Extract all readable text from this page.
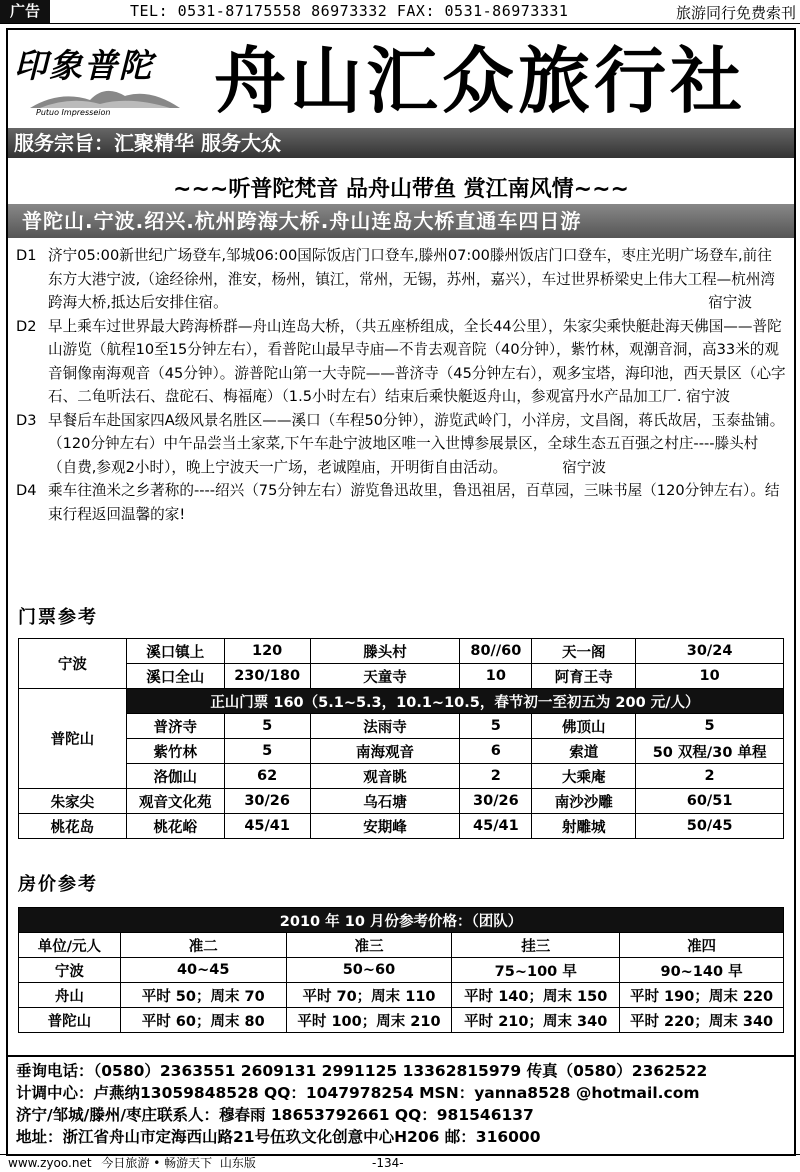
广告	TEL: 0531-87175558 86973332 FAX: 0531-86973331	旅游同行免费索刊
印象普陀
Putuo Impresseion 舟山汇众旅行社
服务宗旨：汇聚精华 服务大众
~~~听普陀梵音 品舟山带鱼 赏江南风情~~~
普陀山.宁波.绍兴.杭州跨海大桥.舟山连岛大桥直通车四日游
D1 济宁05:00新世纪广场登车,邹城06:00国际饭店门口登车,滕州07:00滕州饭店门口登车，枣庄光明广场登车,前往东方大港宁波,（途经徐州，淮安，杨州，镇江，常州，无锡，苏州，嘉兴），车过世界桥梁史上伟大工程—杭州湾跨海大桥,抵达后安排住宿。	宿宁波
D2 早上乘车过世界最大跨海桥群—舟山连岛大桥，（共五座桥组成，全长44公里），朱家尖乘快艇赴海天佛国——普陀山游览（航程10至15分钟左右），看普陀山最早寺庙—不肯去观音院（40分钟），紫竹林，观潮音洞，高33米的观音铜像南海观音（45分钟）。游普陀山第一大寺院——普济寺（45分钟左右），观多宝塔，海印池，西天景区（心字石、二龟听法石、盘砣石、梅福庵）（1.5小时左右）结束后乘快艇返舟山，参观富丹水产品加工厂. 宿宁波
D3 早餐后车赴国家四A级风景名胜区——溪口（车程50分钟），游览武岭门，小洋房，文昌阁，蒋氏故居，玉泰盐铺。（120分钟左右）中午品尝当土家菜,下午车赴宁波地区唯一入世博参展景区，全球生态五百强之村庄----滕头村（自费,参观2小时），晚上宁波天一广场，老诚隍庙，开明街自由活动。	宿宁波
D4 乘车往渔米之乡著称的----绍兴（75分钟左右）游览鲁迅故里，鲁迅祖居，百草园，三味书屋（120分钟左右）。结束行程返回温馨的家!
门票参考
宁波	溪口镇上	120	滕头村	80//60	天一阁	30/24
	溪口全山	230/180	天童寺	10	阿育王寺	10
普陀山	正山门票 160（5.1~5.3，10.1~10.5，春节初一至初五为 200 元/人）					
	普济寺	5	法雨寺	5	佛顶山	5
	紫竹林	5	南海观音	6	索道	50 双程/30 单程
	洛伽山	62	观音眺	2	大乘庵	2
朱家尖	观音文化苑	30/26	乌石塘	30/26	南沙沙雕	60/51
桃花岛	桃花峪	45/41	安期峰	45/41	射雕城	50/45
房价参考
2010 年 10 月份参考价格：（团队）				
单位/元人	准二	准三	挂三	准四
宁波	40~45	50~60	75~100 早	90~140 早
舟山	平时 50；周末 70	平时 70；周末 110	平时 140；周末 150	平时 190；周末 220
普陀山	平时 60；周末 80	平时 100；周末 210	平时 210；周末 340	平时 220；周末 340
垂询电话：（0580）2363551 2609131 2991125 13362815979 传真（0580）2362522
计调中心：卢燕纳13059848528 QQ：1047978254 MSN：yanna8528 @hotmail.com
济宁/邹城/滕州/枣庄联系人：穆春雨 18653792661 QQ：981546137
地址：浙江省舟山市定海西山路21号伍玖文化创意中心H206 邮：316000
www.zyoo.net 今日旅游 • 畅游天下 山东版	-134-
